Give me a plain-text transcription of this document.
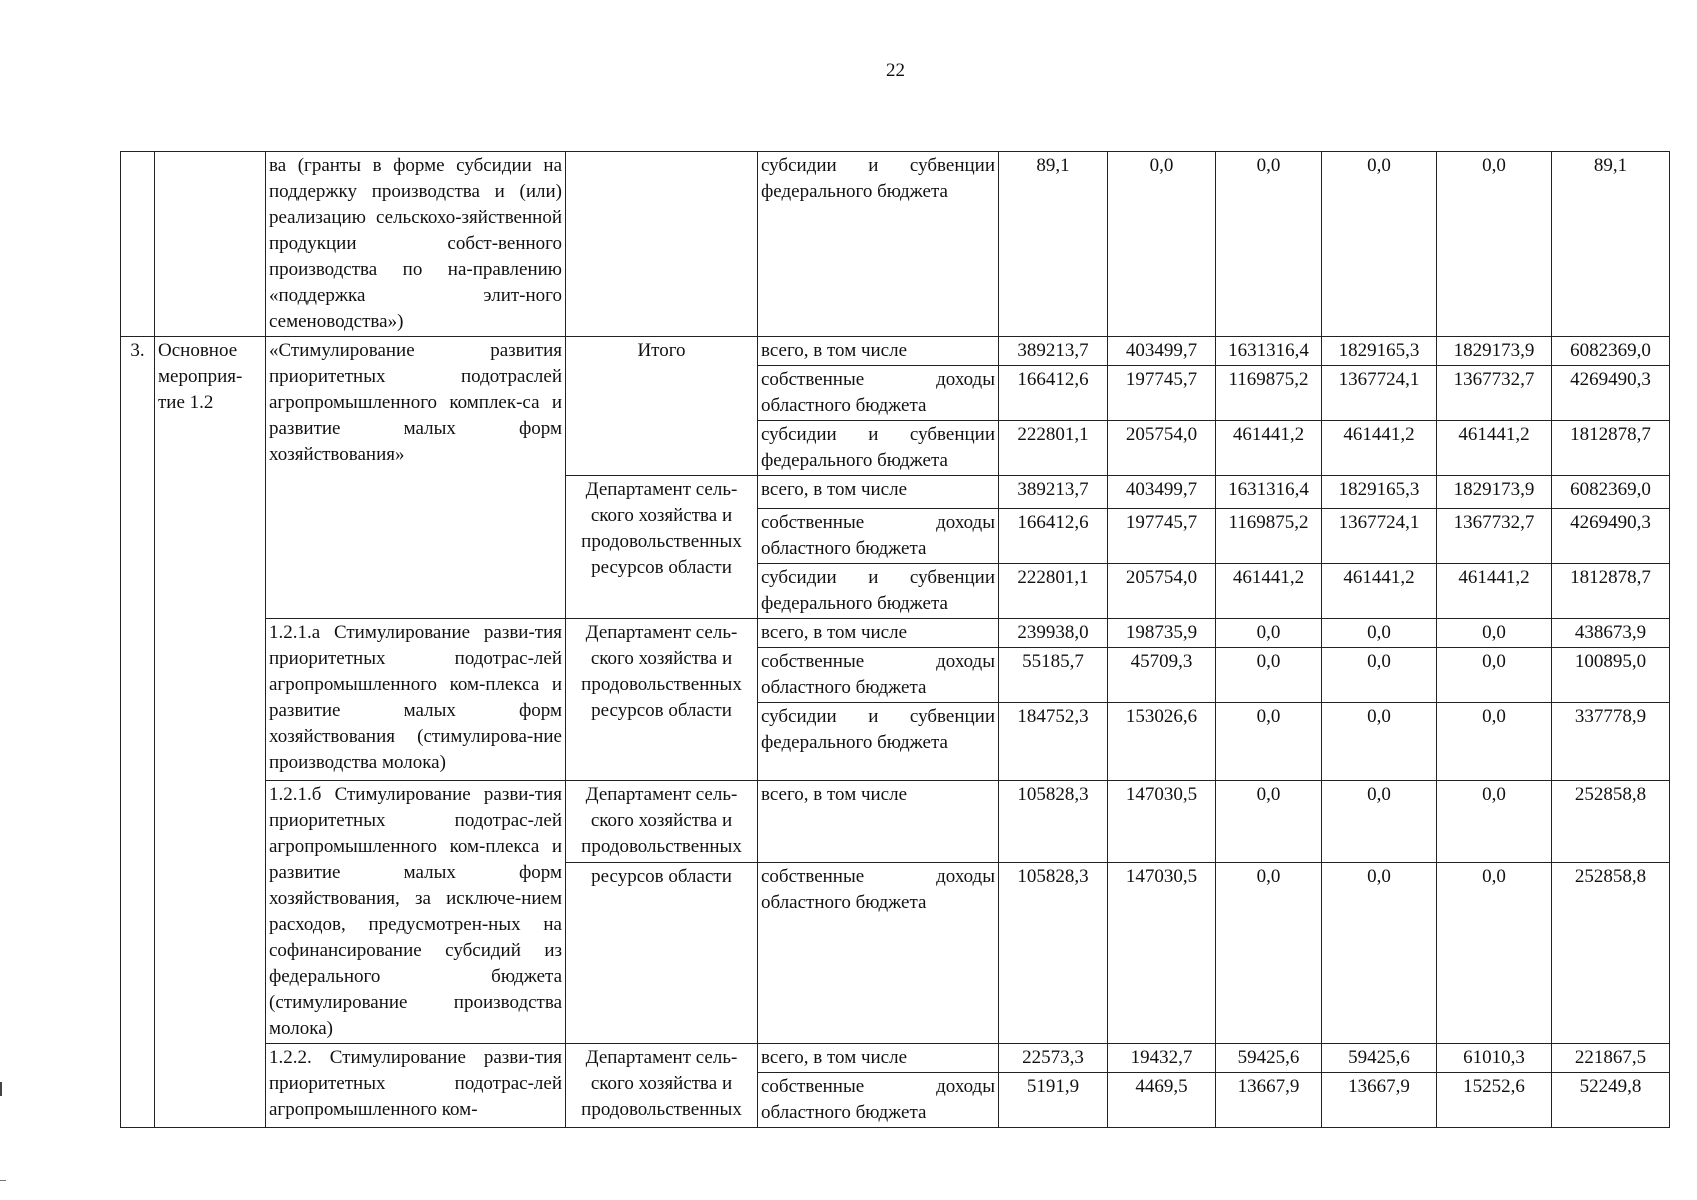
22
		ва (гранты в форме субсидии на поддержку производства и (или) реализацию сельскохо-зяйственной продукции собст-венного производства по на-правлению «поддержка элит-ного семеноводства»)		субсидии и субвенции федерального бюджета	89,1	0,0	0,0	0,0	0,0	89,1
3.	Основное мероприя-тие 1.2	«Стимулирование развития приоритетных подотраслей агропромышленного комплек-са и развитие малых форм хозяйствования»	Итого	всего, в том числе	389213,7	403499,7	1631316,4	1829165,3	1829173,9	6082369,0
				собственные доходы областного бюджета	166412,6	197745,7	1169875,2	1367724,1	1367732,7	4269490,3
				субсидии и субвенции федерального бюджета	222801,1	205754,0	461441,2	461441,2	461441,2	1812878,7
			Департамент сель-ского хозяйства и продовольственных ресурсов области	всего, в том числе	389213,7	403499,7	1631316,4	1829165,3	1829173,9	6082369,0
				собственные доходы областного бюджета	166412,6	197745,7	1169875,2	1367724,1	1367732,7	4269490,3
				субсидии и субвенции федерального бюджета	222801,1	205754,0	461441,2	461441,2	461441,2	1812878,7
		1.2.1.а Стимулирование разви-тия приоритетных подотрас-лей агропромышленного ком-плекса и развитие малых форм хозяйствования (стимулирова-ние производства молока)	Департамент сель-ского хозяйства и продовольственных ресурсов области	всего, в том числе	239938,0	198735,9	0,0	0,0	0,0	438673,9
				собственные доходы областного бюджета	55185,7	45709,3	0,0	0,0	0,0	100895,0
				субсидии и субвенции федерального бюджета	184752,3	153026,6	0,0	0,0	0,0	337778,9
		1.2.1.б Стимулирование разви-тия приоритетных подотрас-лей агропромышленного ком-плекса и развитие малых форм хозяйствования, за исключе-нием расходов, предусмотрен-ных на софинансирование субсидий из федерального бюджета (стимулирование производства молока)	Департамент сель-ского хозяйства и продовольственных	всего, в том числе	105828,3	147030,5	0,0	0,0	0,0	252858,8
			ресурсов области	собственные доходы областного бюджета	105828,3	147030,5	0,0	0,0	0,0	252858,8
		1.2.2. Стимулирование разви-тия приоритетных подотрас-лей агропромышленного ком-	Департамент сель-ского хозяйства и продовольственных	всего, в том числе	22573,3	19432,7	59425,6	59425,6	61010,3	221867,5
				собственные доходы областного бюджета	5191,9	4469,5	13667,9	13667,9	15252,6	52249,8
